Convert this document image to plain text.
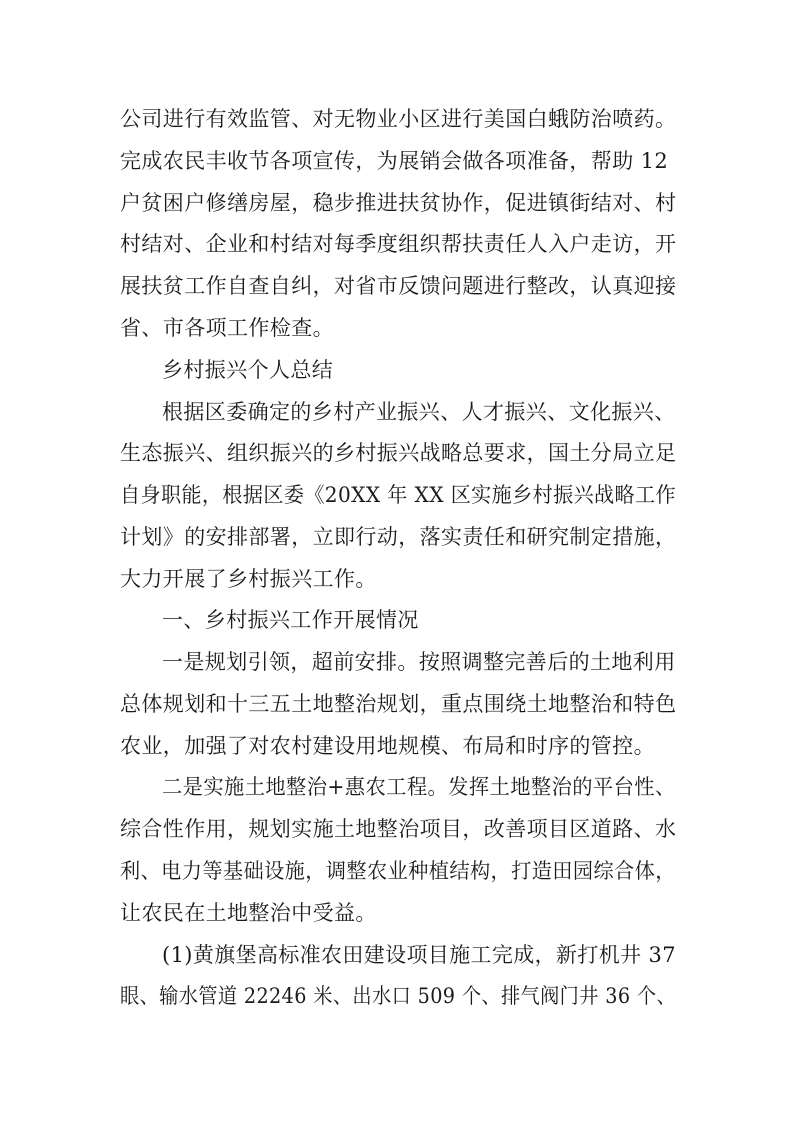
公司进行有效监管、对无物业小区进行美国白蛾防治喷药。
完成农民丰收节各项宣传，为展销会做各项准备，帮助 12
户贫困户修缮房屋，稳步推进扶贫协作，促进镇街结对、村
村结对、企业和村结对每季度组织帮扶责任人入户走访，开
展扶贫工作自查自纠，对省市反馈问题进行整改，认真迎接
省、市各项工作检查。
乡村振兴个人总结
根据区委确定的乡村产业振兴、人才振兴、文化振兴、
生态振兴、组织振兴的乡村振兴战略总要求，国土分局立足
自身职能，根据区委《20XX 年 XX 区实施乡村振兴战略工作
计划》的安排部署，立即行动，落实责任和研究制定措施，
大力开展了乡村振兴工作。
一、乡村振兴工作开展情况
一是规划引领，超前安排。按照调整完善后的土地利用
总体规划和十三五土地整治规划，重点围绕土地整治和特色
农业，加强了对农村建设用地规模、布局和时序的管控。
二是实施土地整治+惠农工程。发挥土地整治的平台性、
综合性作用，规划实施土地整治项目，改善项目区道路、水
利、电力等基础设施，调整农业种植结构，打造田园综合体，
让农民在土地整治中受益。
(1)黄旗堡高标准农田建设项目施工完成，新打机井 37
眼、输水管道 22246 米、出水口 509 个、排气阀门井 36 个、
